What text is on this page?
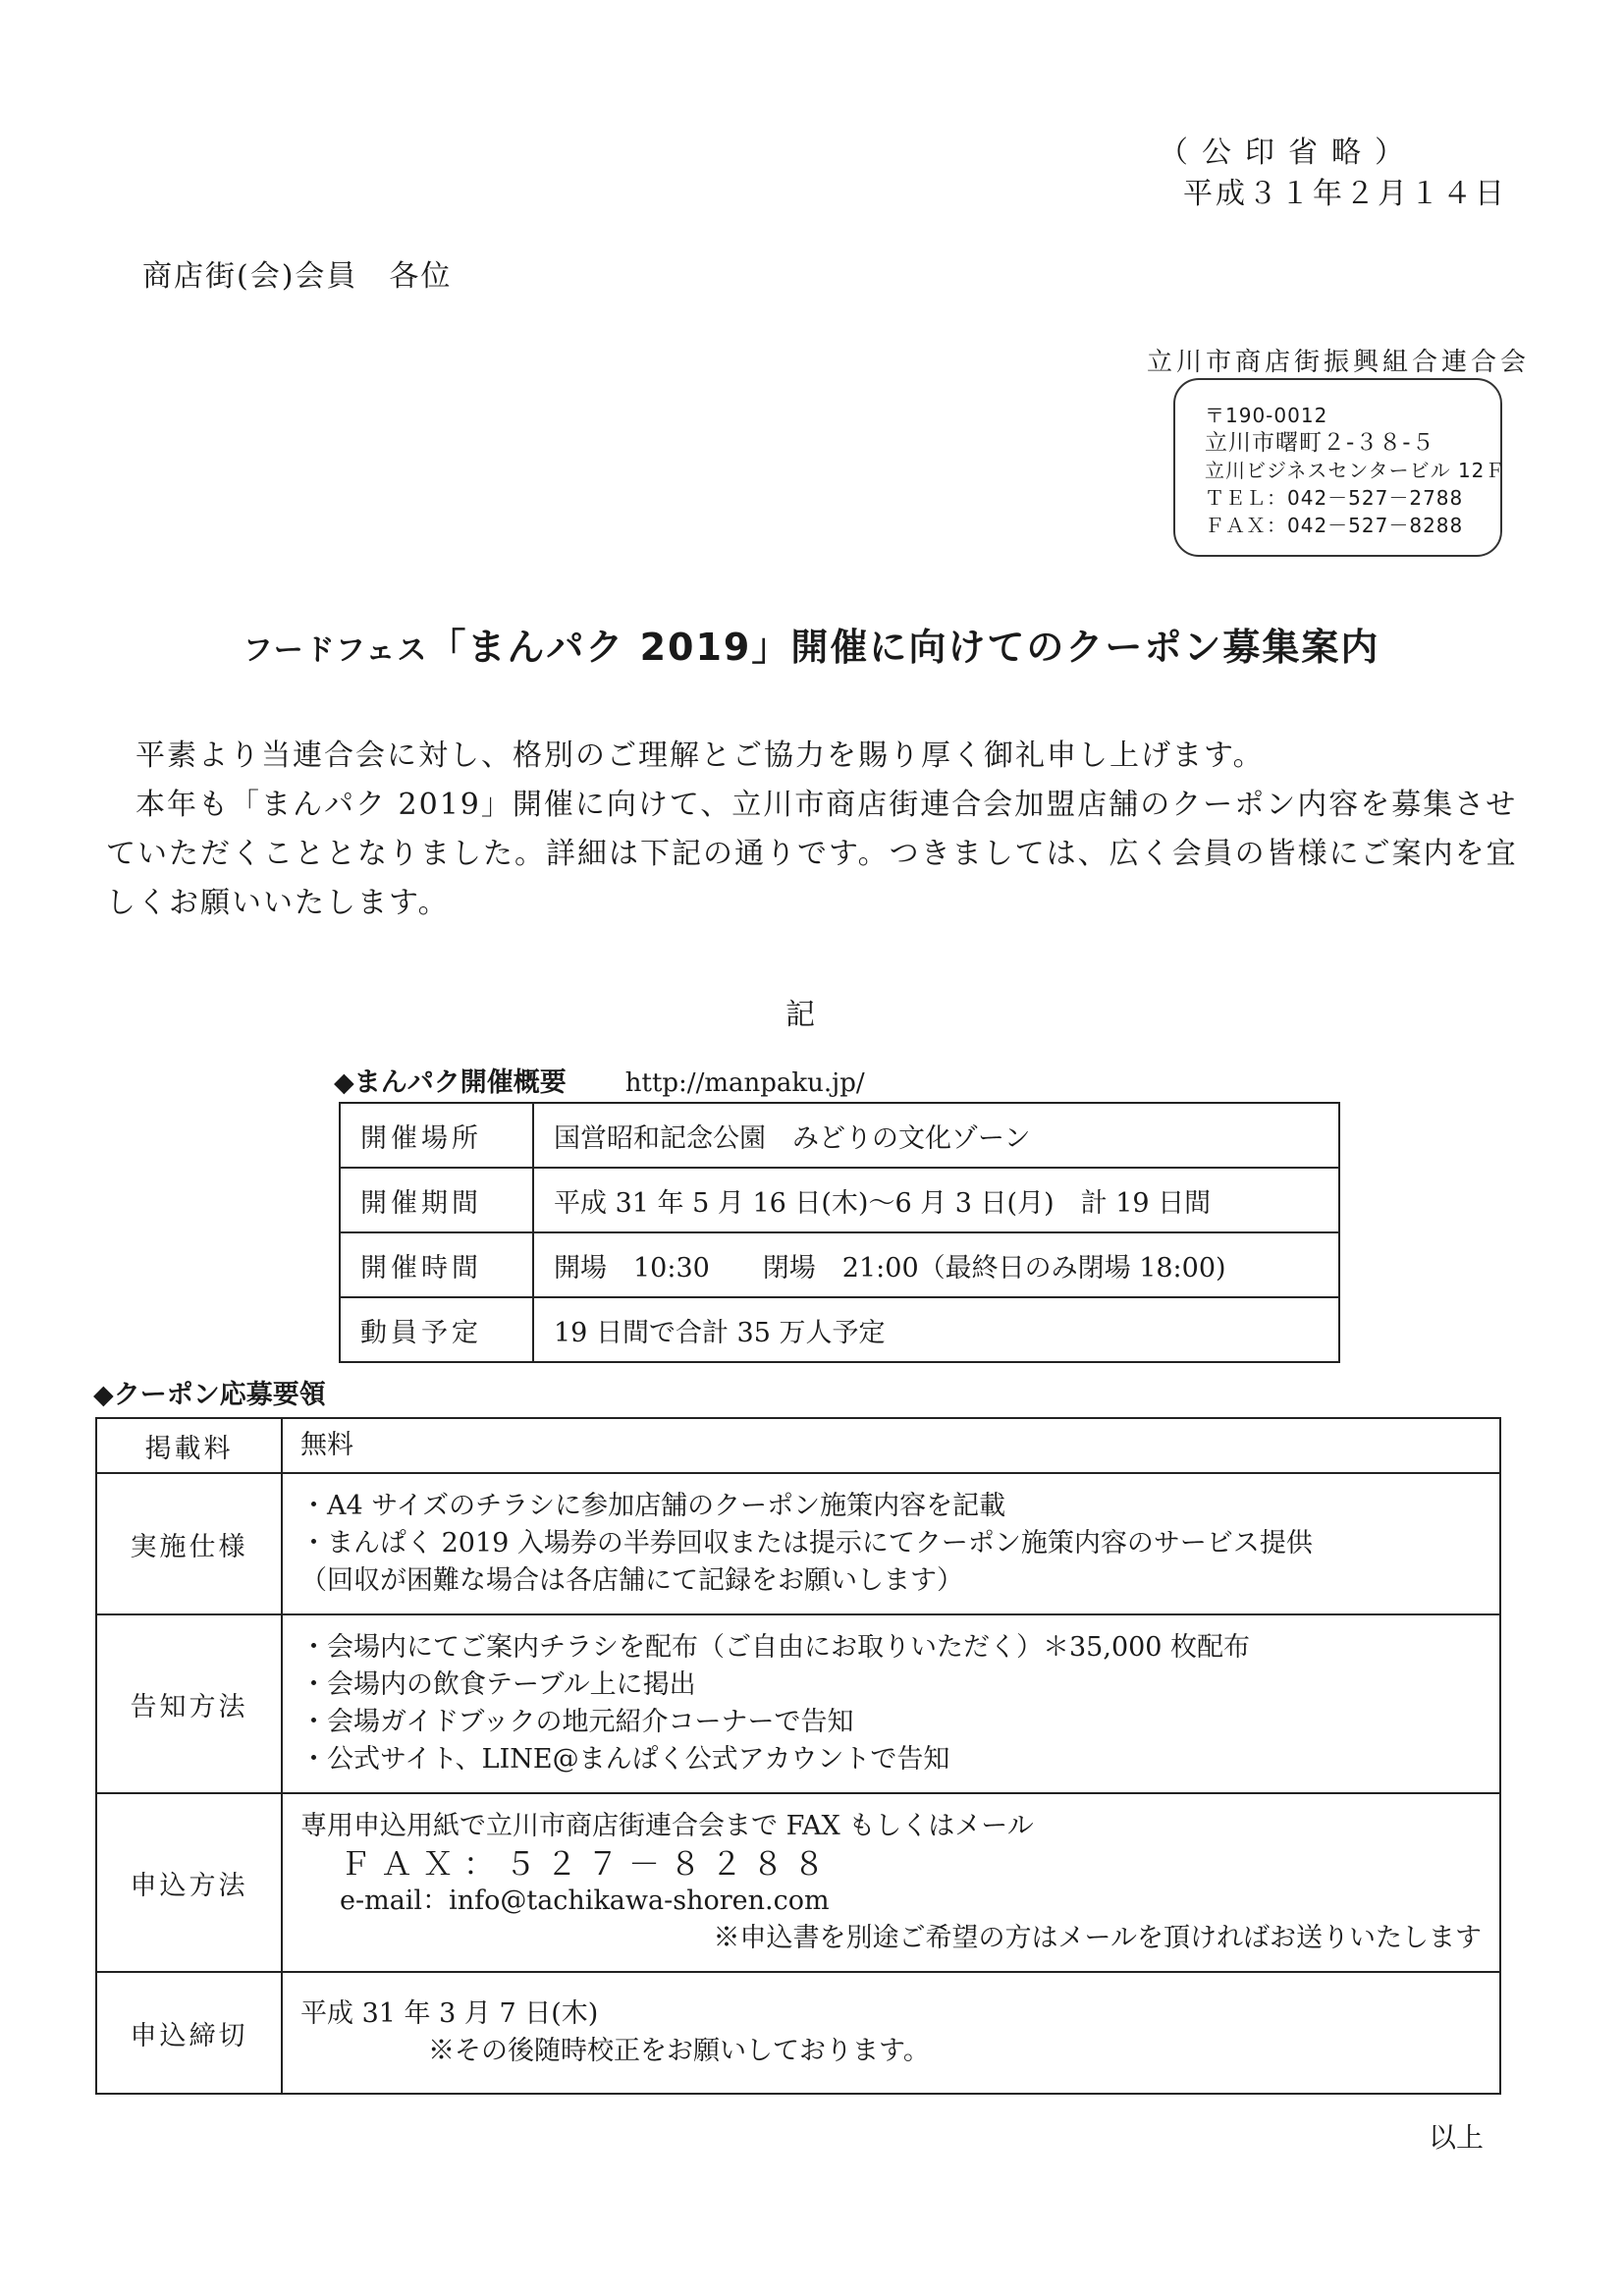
（公印省略）
平成３１年２月１４日
商店街(会)会員　各位
立川市商店街振興組合連合会
〒190-0012
立川市曙町２-３８-５
立川ビジネスセンタービル 12Ｆ
ＴＥＬ：042－527－2788
ＦＡＸ：042－527－8288
フードフェス「まんパク 2019」開催に向けてのクーポン募集案内

平素より当連合会に対し、格別のご理解とご協力を賜り厚く御礼申し上げます。

本年も「まんパク 2019」開催に向けて、立川市商店街連合会加盟店舗のクーポン内容を募集させていただくこととなりました。詳細は下記の通りです。つきましては、広く会員の皆様にご案内を宜しくお願いいたします。

記
◆まんパク開催概要 http://manpaku.jp/
開催場所	国営昭和記念公園　みどりの文化ゾーン
開催期間	平成 31 年 5 月 16 日(木)〜6 月 3 日(月)　計 19 日間
開催時間	開場　10:30　　閉場　21:00（最終日のみ閉場 18:00)
動員予定	19 日間で合計 35 万人予定
◆クーポン応募要領
掲載料	無料
実施仕様	・A4 サイズのチラシに参加店舗のクーポン施策内容を記載
・まんぱく 2019 入場券の半券回収または提示にてクーポン施策内容のサービス提供
（回収が困難な場合は各店舗にて記録をお願いします）

告知方法	・会場内にてご案内チラシを配布（ご自由にお取りいただく）＊35,000 枚配布
・会場内の飲食テーブル上に掲出
・会場ガイドブックの地元紹介コーナーで告知
・公式サイト、LINE@まんぱく公式アカウントで告知

申込方法	専用申込用紙で立川市商店街連合会まで FAX もしくはメール
ＦＡＸ：５２７－８２８８
e-mail：info@tachikawa-shoren.com
※申込書を別途ご希望の方はメールを頂ければお送りいたします

申込締切	平成 31 年 3 月 7 日(木)
※その後随時校正をお願いしております。
以上
